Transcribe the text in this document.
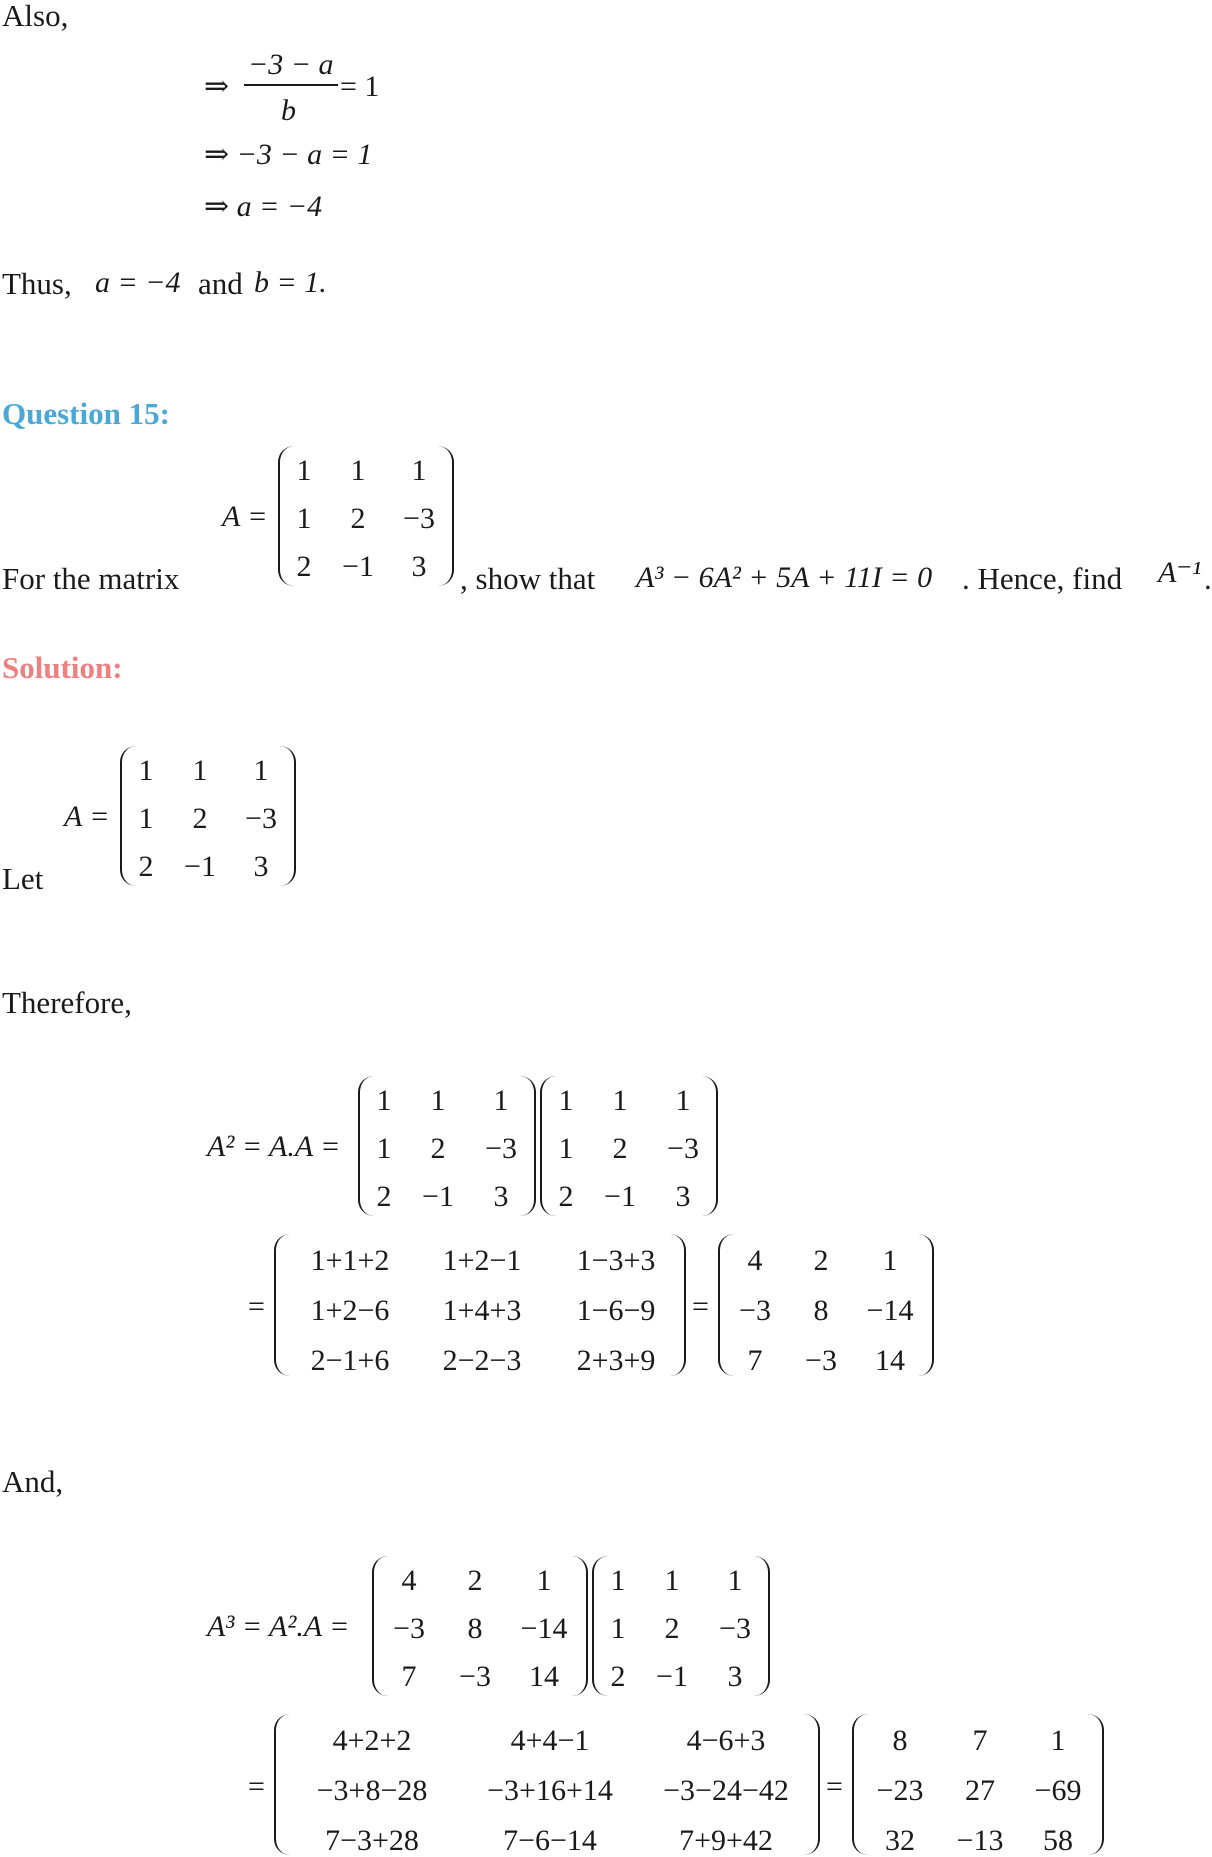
Also,
⇒
−3 − a
b
= 1
⇒ −3 − a = 1
⇒ a = −4
Thus, a = −4 and b = 1.
Question 15:
For the matrix
A =
1	1	1
1	2	−3
2	−1	3	, show that A³ − 6A² + 5A + 11I = 0 . Hence, find A⁻¹ .
Solution:
Let
A =
1	1	1
1	2	−3
2	−1	3
Therefore,
A² = A.A =
1	1	1
1	2	−3
2	−1	3
1	1	1
1	2	−3
2	−1	3
=
1+1+2	1+2−1	1−3+3
1+2−6	1+4+3	1−6−9
2−1+6	2−2−3	2+3+9
=
4	2	1
−3	8	−14
7	−3	14
And,
A³ = A².A =
4	2	1
−3	8	−14
7	−3	14
1	1	1
1	2	−3
2	−1	3
=
4+2+2	4+4−1	4−6+3
−3+8−28	−3+16+14	−3−24−42
7−3+28	7−6−14	7+9+42
=
8	7	1
−23	27	−69
32	−13	58
